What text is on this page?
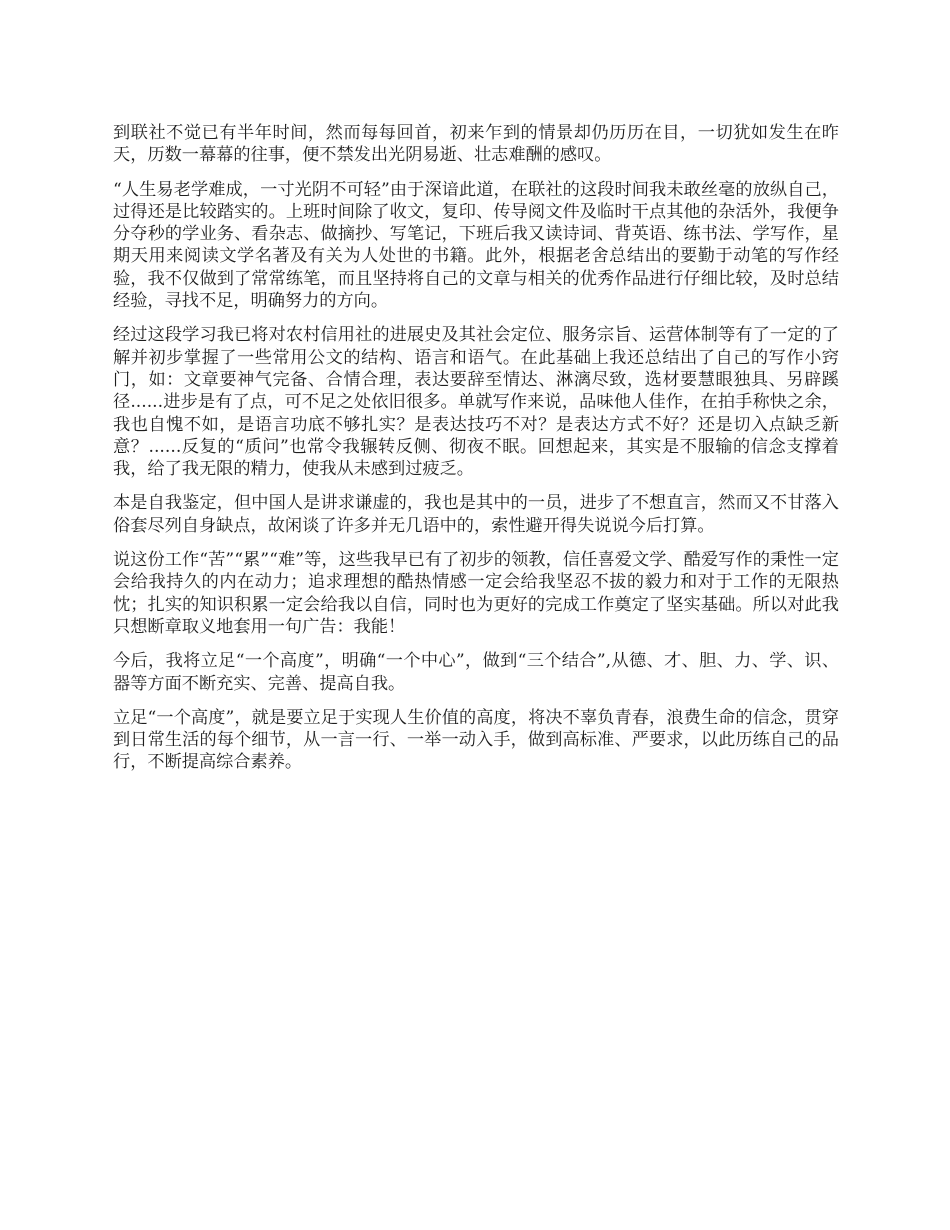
到联社不觉已有半年时间，然而每每回首，初来乍到的情景却仍历历在目，一切犹如发生在昨天，历数一幕幕的往事，便不禁发出光阴易逝、壮志难酬的感叹。

“人生易老学难成，一寸光阴不可轻”由于深谙此道，在联社的这段时间我未敢丝毫的放纵自己，过得还是比较踏实的。上班时间除了收文，复印、传导阅文件及临时干点其他的杂活外，我便争分夺秒的学业务、看杂志、做摘抄、写笔记，下班后我又读诗词、背英语、练书法、学写作，星期天用来阅读文学名著及有关为人处世的书籍。此外，根据老舍总结出的要勤于动笔的写作经验，我不仅做到了常常练笔，而且坚持将自己的文章与相关的优秀作品进行仔细比较，及时总结经验，寻找不足，明确努力的方向。

经过这段学习我已将对农村信用社的进展史及其社会定位、服务宗旨、运营体制等有了一定的了解并初步掌握了一些常用公文的结构、语言和语气。在此基础上我还总结出了自己的写作小窍门，如：文章要神气完备、合情合理，表达要辞至情达、淋漓尽致，选材要慧眼独具、另辟蹊径......进步是有了点，可不足之处依旧很多。单就写作来说，品味他人佳作，在拍手称快之余，我也自愧不如，是语言功底不够扎实？是表达技巧不对？是表达方式不好？还是切入点缺乏新意？......反复的“质问”也常令我辗转反侧、彻夜不眠。回想起来，其实是不服输的信念支撑着我，给了我无限的精力，使我从未感到过疲乏。

本是自我鉴定，但中国人是讲求谦虚的，我也是其中的一员，进步了不想直言，然而又不甘落入俗套尽列自身缺点，故闲谈了许多并无几语中的，索性避开得失说说今后打算。

说这份工作“苦”“累”“难”等，这些我早已有了初步的领教，信任喜爱文学、酷爱写作的秉性一定会给我持久的内在动力；追求理想的酷热情感一定会给我坚忍不拔的毅力和对于工作的无限热忱；扎实的知识积累一定会给我以自信，同时也为更好的完成工作奠定了坚实基础。所以对此我只想断章取义地套用一句广告：我能！

今后，我将立足“一个高度”，明确“一个中心”，做到“三个结合”,从德、才、胆、力、学、识、器等方面不断充实、完善、提高自我。

立足“一个高度”，就是要立足于实现人生价值的高度，将决不辜负青春，浪费生命的信念，贯穿到日常生活的每个细节，从一言一行、一举一动入手，做到高标准、严要求，以此历练自己的品行，不断提高综合素养。
